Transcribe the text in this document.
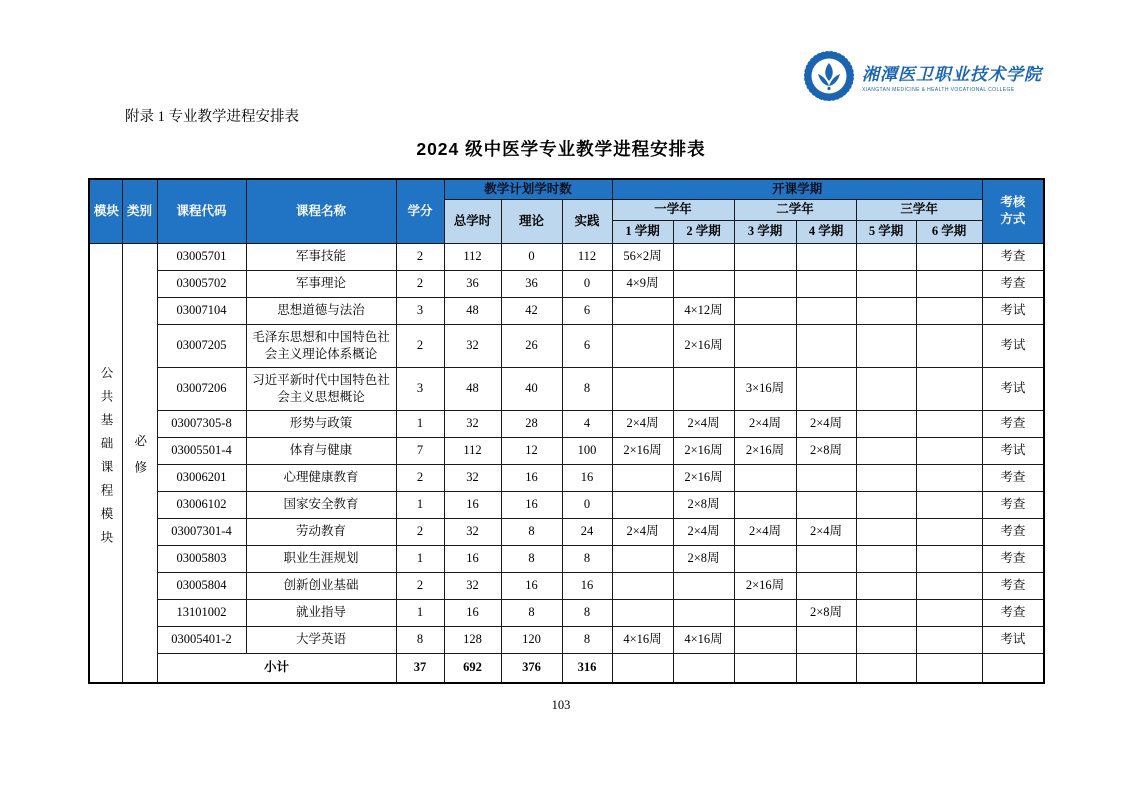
湘潭医卫职业技术学院
XIANGTAN MEDICINE & HEALTH VOCATIONAL COLLEGE
附录 1 专业教学进程安排表
2024 级中医学专业教学进程安排表
模块	类别	课程代码	课程名称	学分	教学计划学时数			开课学期						考核方式
					总学时	理论	实践	一学年		二学年		三学年		
								1 学期	2 学期	3 学期	4 学期	5 学期	6 学期	
公共基础课程模块	必修	03005701	军事技能	2	112	0	112	56×2周						考查
		03005702	军事理论	2	36	36	0	4×9周						考查
		03007104	思想道德与法治	3	48	42	6		4×12周					考试
		03007205	毛泽东思想和中国特色社会主义理论体系概论	2	32	26	6		2×16周					考试
		03007206	习近平新时代中国特色社会主义思想概论	3	48	40	8			3×16周				考试
		03007305-8	形势与政策	1	32	28	4	2×4周	2×4周	2×4周	2×4周			考查
		03005501-4	体育与健康	7	112	12	100	2×16周	2×16周	2×16周	2×8周			考试
		03006201	心理健康教育	2	32	16	16		2×16周					考查
		03006102	国家安全教育	1	16	16	0		2×8周					考查
		03007301-4	劳动教育	2	32	8	24	2×4周	2×4周	2×4周	2×4周			考查
		03005803	职业生涯规划	1	16	8	8		2×8周					考查
		03005804	创新创业基础	2	32	16	16			2×16周				考查
		13101002	就业指导	1	16	8	8				2×8周			考查
		03005401-2	大学英语	8	128	120	8	4×16周	4×16周					考试
		小计		37	692	376	316							
103
